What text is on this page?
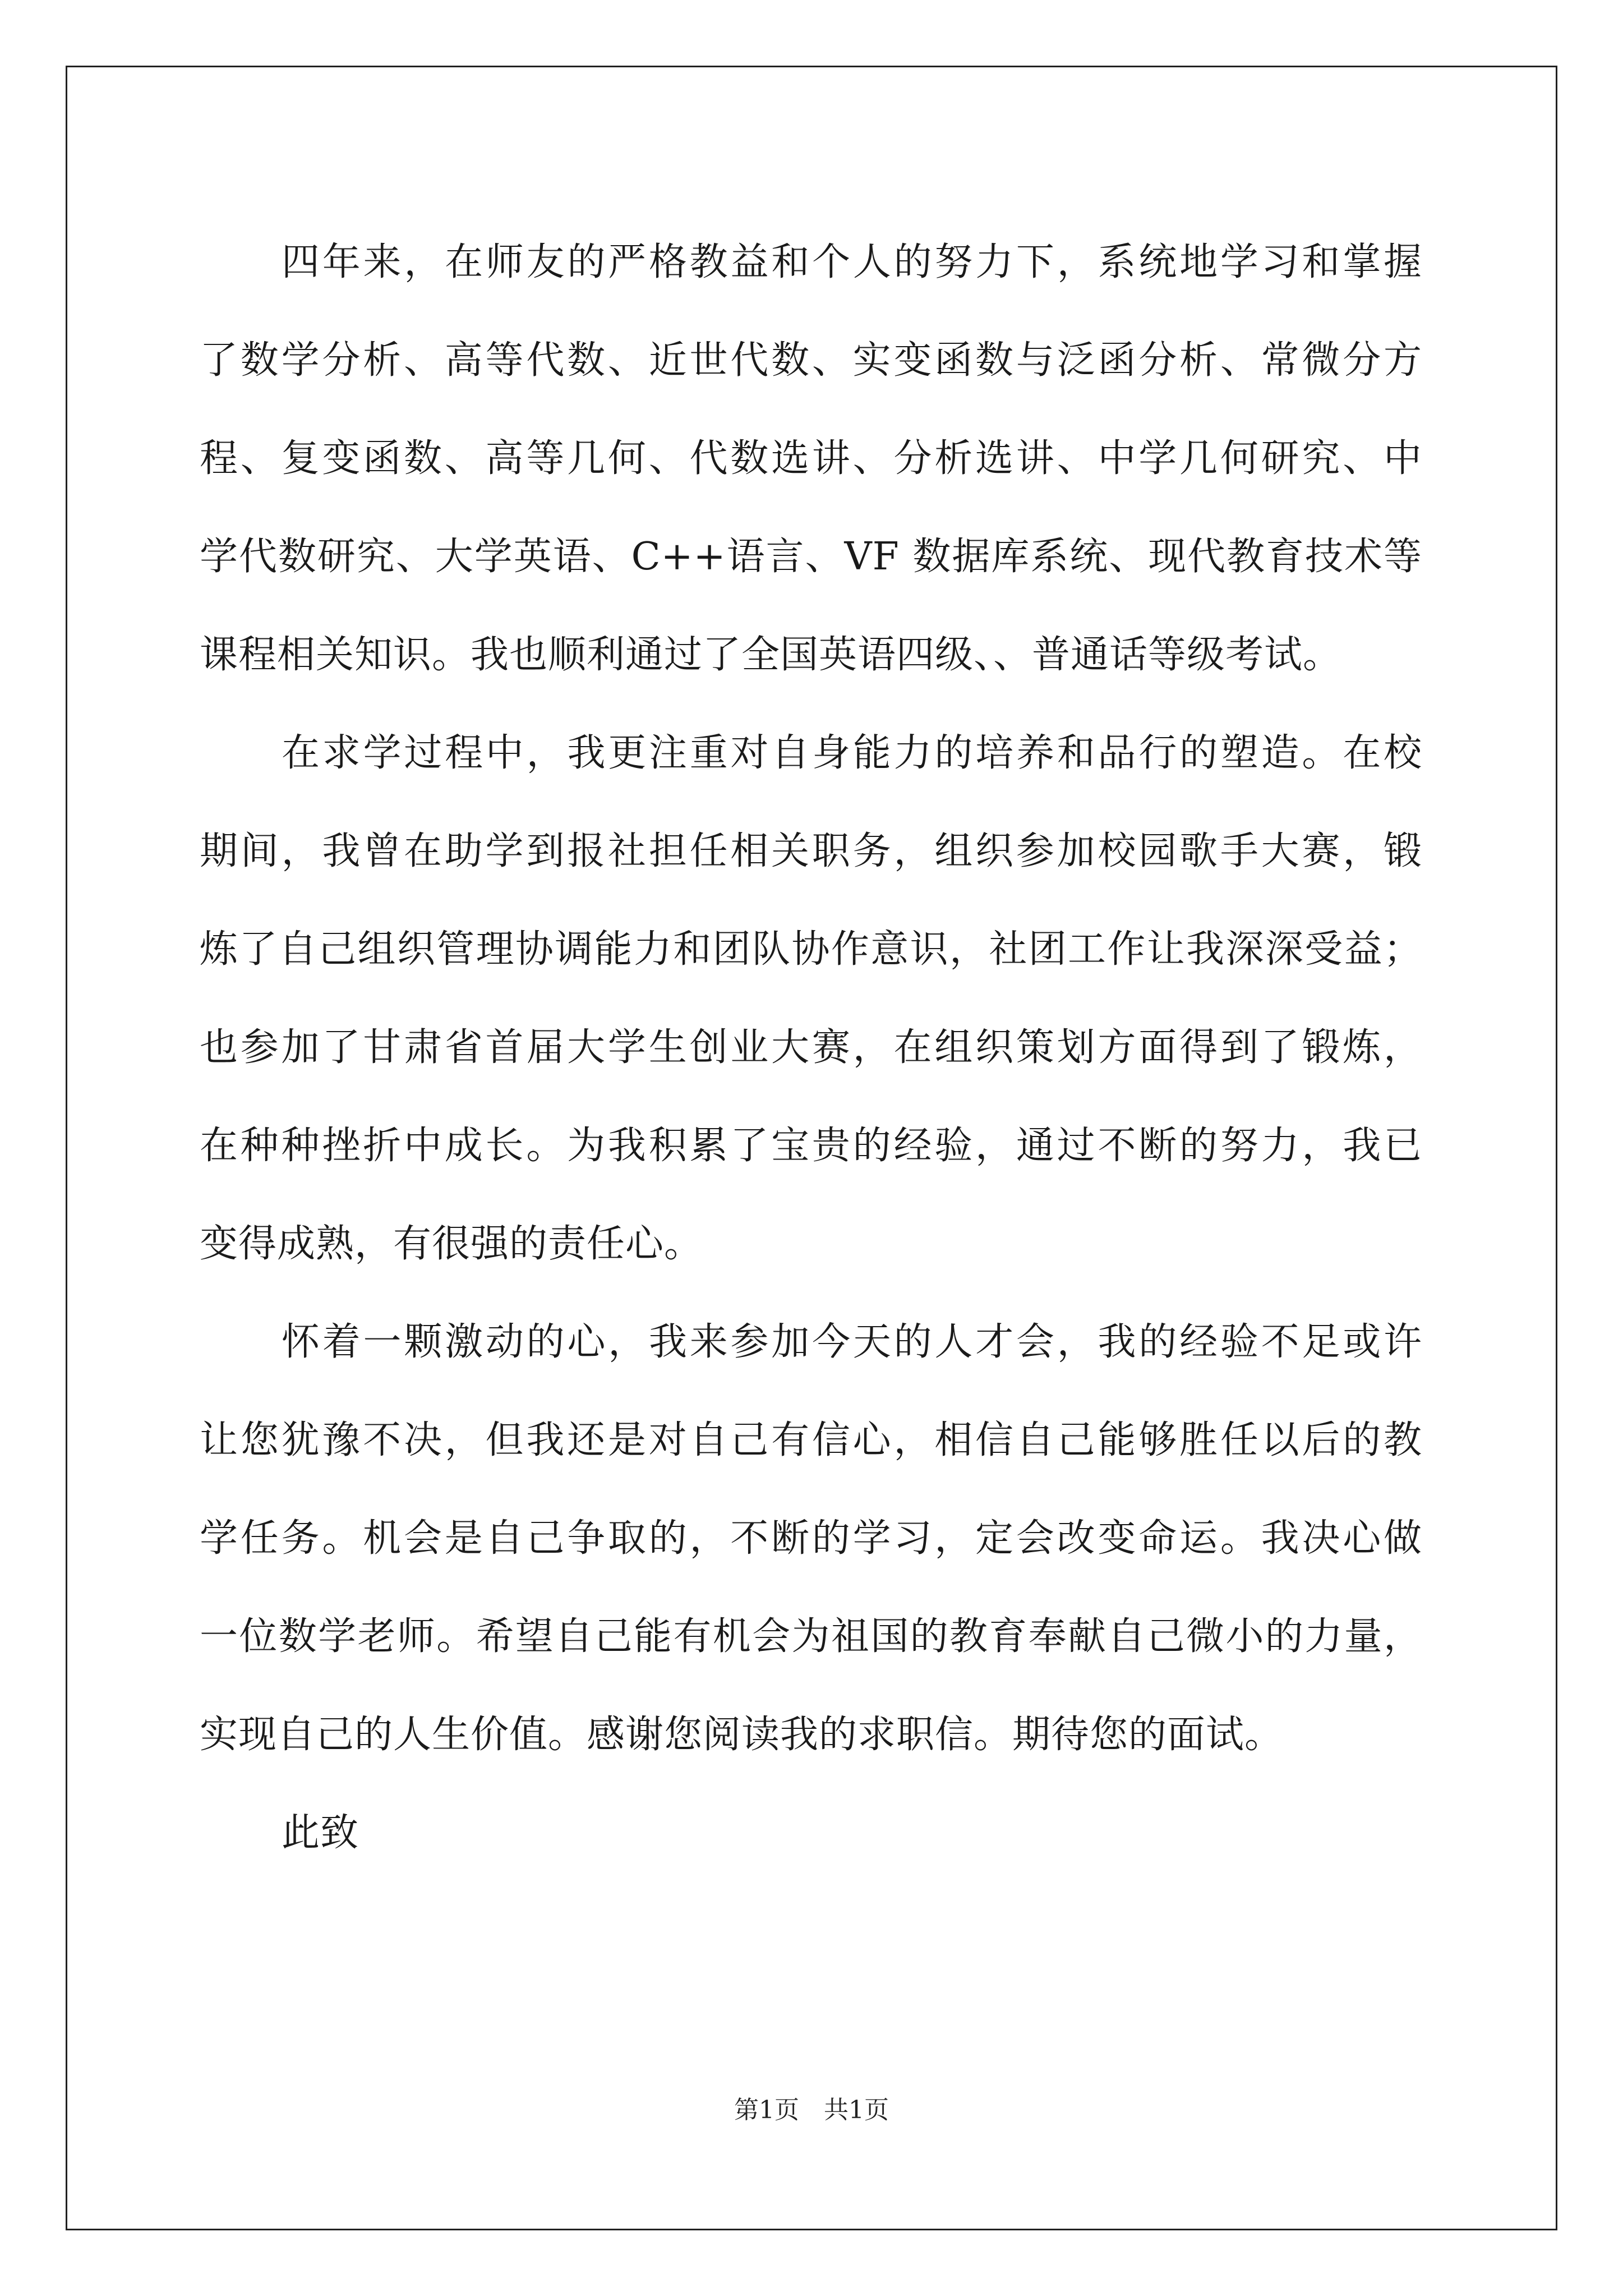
四年来，在师友的严格教益和个人的努力下，系统地学习和掌握
了数学分析、高等代数、近世代数、实变函数与泛函分析、常微分方
程、复变函数、高等几何、代数选讲、分析选讲、中学几何研究、中
学代数研究、大学英语、C++语言、VF 数据库系统、现代教育技术等
课程相关知识。我也顺利通过了全国英语四级、、普通话等级考试。

在求学过程中，我更注重对自身能力的培养和品行的塑造。在校
期间，我曾在助学到报社担任相关职务，组织参加校园歌手大赛，锻
炼了自己组织管理协调能力和团队协作意识，社团工作让我深深受益；
也参加了甘肃省首届大学生创业大赛，在组织策划方面得到了锻炼，
在种种挫折中成长。为我积累了宝贵的经验，通过不断的努力，我已
变得成熟，有很强的责任心。

怀着一颗激动的心，我来参加今天的人才会，我的经验不足或许
让您犹豫不决，但我还是对自己有信心，相信自己能够胜任以后的教
学任务。机会是自己争取的，不断的学习，定会改变命运。我决心做
一位数学老师。希望自己能有机会为祖国的教育奉献自己微小的力量，
实现自己的人生价值。感谢您阅读我的求职信。期待您的面试。

此致

第1页 共1页
